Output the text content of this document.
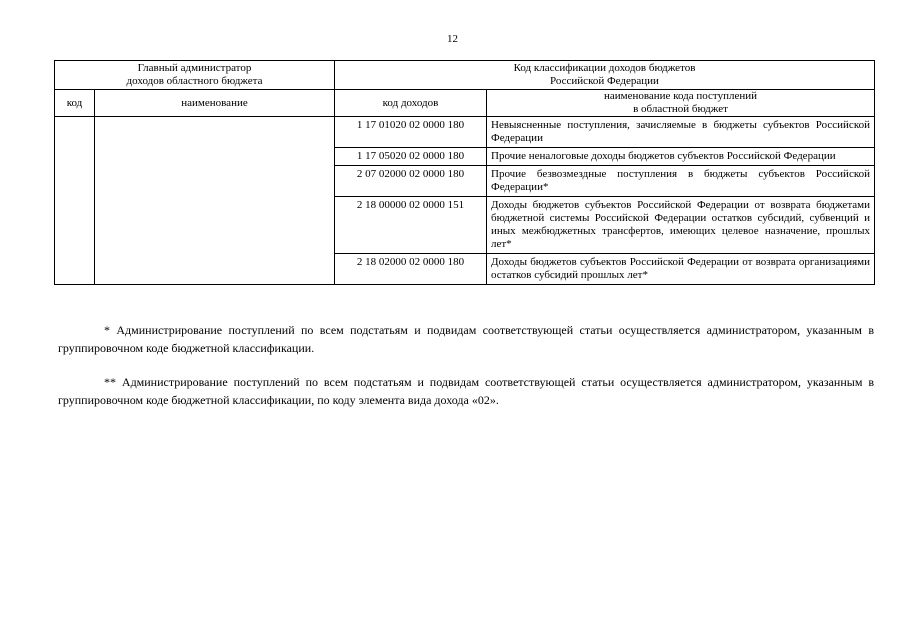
12
Главный администратор
доходов областного бюджета		Код классификации доходов бюджетов
Российской Федерации	
код	наименование	код доходов	наименование кода поступлений
в областной бюджет
		1 17 01020 02 0000 180	Невыясненные поступления, зачисляемые в бюджеты субъектов Российской Федерации
		1 17 05020 02 0000 180	Прочие неналоговые доходы бюджетов субъектов Российской Федерации
		2 07 02000 02 0000 180	Прочие безвозмездные поступления в бюджеты субъектов Российской Федерации*
		2 18 00000 02 0000 151	Доходы бюджетов субъектов Российской Федерации от возврата бюджетами бюджетной системы Российской Федерации остатков субсидий, субвенций и иных межбюджетных трансфертов, имеющих целевое назначение, прошлых лет*
		2 18 02000 02 0000 180	Доходы бюджетов субъектов Российской Федерации от возврата организациями остатков субсидий прошлых лет*

* Администрирование поступлений по всем подстатьям и подвидам соответствующей статьи осуществляется администратором, указанным в группировочном коде бюджетной классификации.

** Администрирование поступлений по всем подстатьям и подвидам соответствующей статьи осуществляется администратором, указанным в группировочном коде бюджетной классификации, по коду элемента вида дохода «02».
